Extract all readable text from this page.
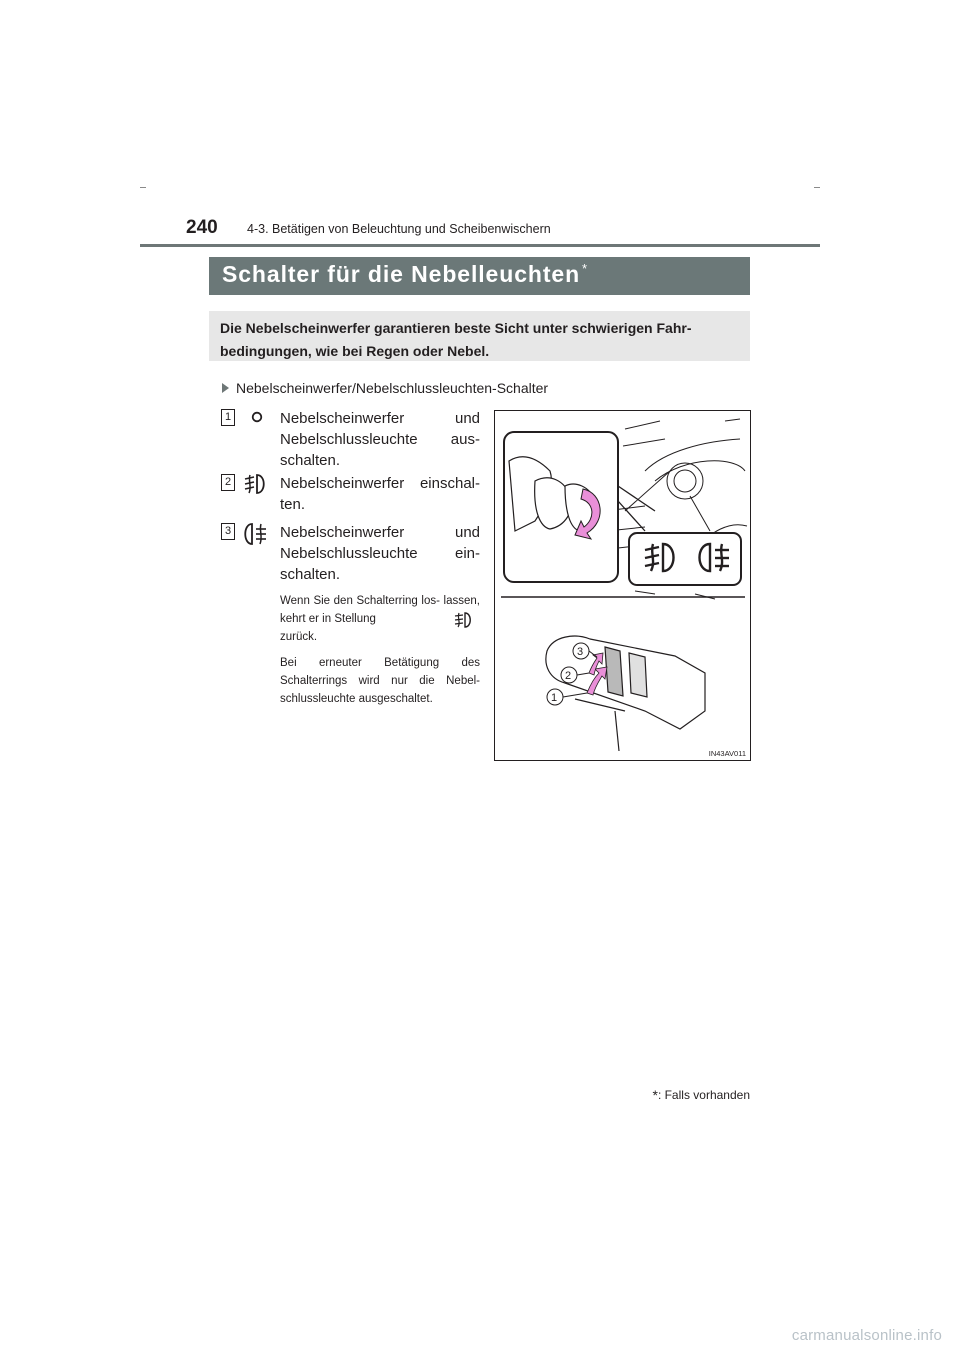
240 4-3. Betätigen von Beleuchtung und Scheibenwischern
Schalter für die Nebelleuchten *
Die Nebelscheinwerfer garantieren beste Sicht unter schwierigen Fahr- bedingungen, wie bei Regen oder Nebel.
Nebelscheinwerfer/Nebelschlussleuchten-Schalter
1	Nebelscheinwerfer und Nebelschlussleuchte aus- schalten.
2	Nebelscheinwerfer einschal- ten.
3	Nebelscheinwerfer und Nebelschlussleuchte ein- schalten.
Wenn Sie den Schalterring los- lassen, kehrt er in Stellung
zurück.
Bei erneuter Betätigung des Schalterrings wird nur die Nebel- schlussleuchte ausgeschaltet.	1
2
3
IN43AV011
*: Falls vorhanden
carmanualsonline.info
